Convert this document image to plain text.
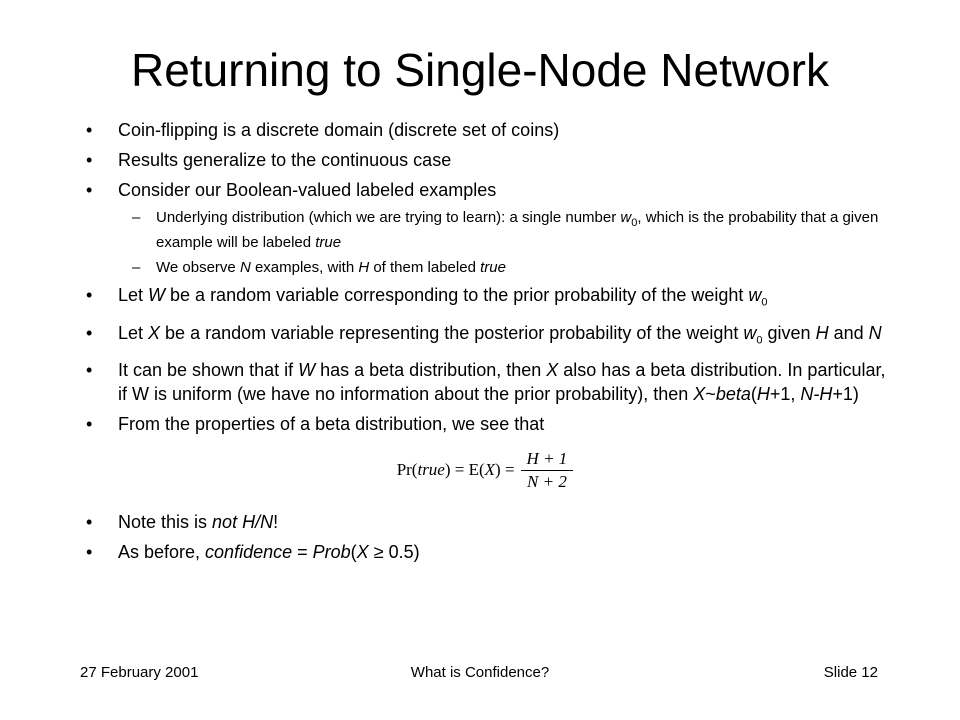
Returning to Single-Node Network
• Coin-flipping is a discrete domain (discrete set of coins)
• Results generalize to the continuous case
• Consider our Boolean-valued labeled examples
– Underlying distribution (which we are trying to learn): a single number $w_0$, which is the probability that a given example will be labeled true
– We observe N examples, with H of them labeled true
• Let W be a random variable corresponding to the prior probability of the weight $w_0$
• Let X be a random variable representing the posterior probability of the weight $w_0$ given H and N
• It can be shown that if W has a beta distribution, then X also has a beta distribution. In particular, if W is uniform (we have no information about the prior probability), then X~beta(H+1, N-H+1)
• From the properties of a beta distribution, we see that
Pr( true ) = E( X ) = $\frac{H + 1}{N + 2}$
• Note this is not H/N!
• As before, confidence = Prob(X ≥ 0.5)
27 February 2001	What is Confidence?	Slide 12
